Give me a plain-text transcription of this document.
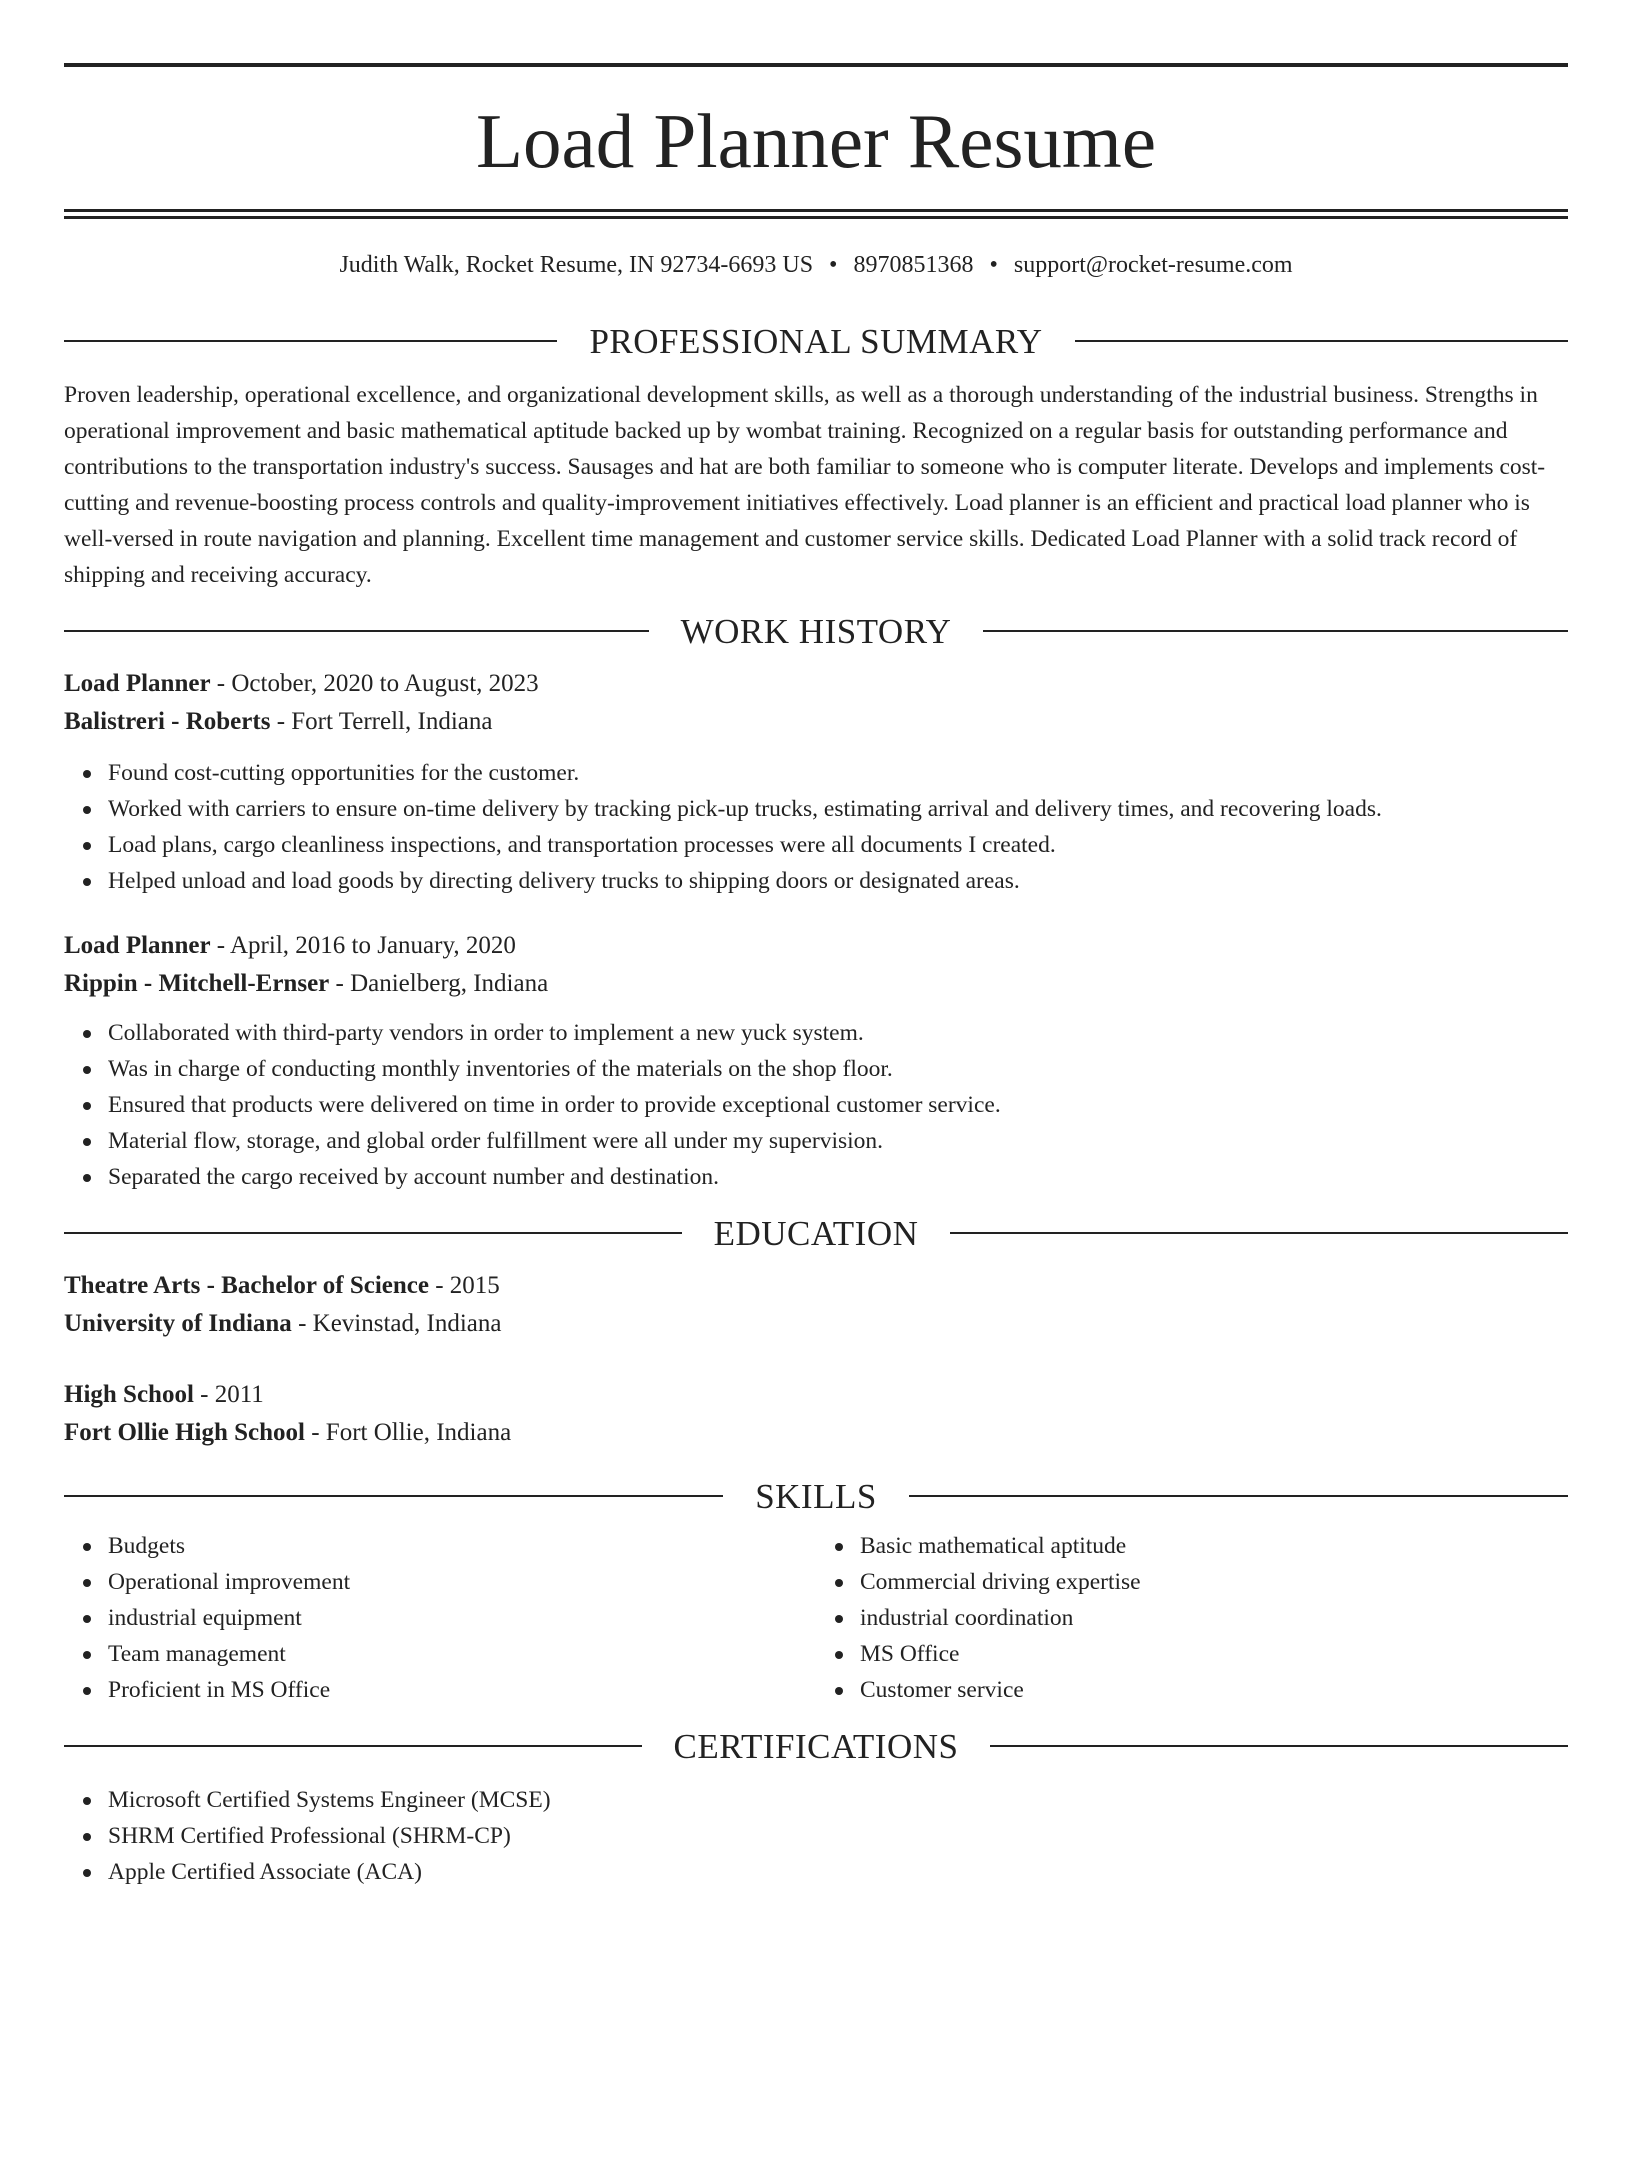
Load Planner Resume
Judith Walk, Rocket Resume, IN 92734-6693 US • 8970851368 • support@rocket-resume.com
PROFESSIONAL SUMMARY

Proven leadership, operational excellence, and organizational development skills, as well as a thorough understanding of the industrial business. Strengths in operational improvement and basic mathematical aptitude backed up by wombat training. Recognized on a regular basis for outstanding performance and contributions to the transportation industry's success. Sausages and hat are both familiar to someone who is computer literate. Develops and implements cost-cutting and revenue-boosting process controls and quality-improvement initiatives effectively. Load planner is an efficient and practical load planner who is well-versed in route navigation and planning. Excellent time management and customer service skills. Dedicated Load Planner with a solid track record of shipping and receiving accuracy.

WORK HISTORY
Load Planner - October, 2020 to August, 2023
Balistreri - Roberts - Fort Terrell, Indiana
Found cost-cutting opportunities for the customer.
Worked with carriers to ensure on-time delivery by tracking pick-up trucks, estimating arrival and delivery times, and recovering loads.
Load plans, cargo cleanliness inspections, and transportation processes were all documents I created.
Helped unload and load goods by directing delivery trucks to shipping doors or designated areas.
Load Planner - April, 2016 to January, 2020
Rippin - Mitchell-Ernser - Danielberg, Indiana
Collaborated with third-party vendors in order to implement a new yuck system.
Was in charge of conducting monthly inventories of the materials on the shop floor.
Ensured that products were delivered on time in order to provide exceptional customer service.
Material flow, storage, and global order fulfillment were all under my supervision.
Separated the cargo received by account number and destination.
EDUCATION
Theatre Arts - Bachelor of Science - 2015
University of Indiana - Kevinstad, Indiana
High School - 2011
Fort Ollie High School - Fort Ollie, Indiana
SKILLS
Budgets
Operational improvement
industrial equipment
Team management
Proficient in MS Office
Basic mathematical aptitude
Commercial driving expertise
industrial coordination
MS Office
Customer service
CERTIFICATIONS
Microsoft Certified Systems Engineer (MCSE)
SHRM Certified Professional (SHRM-CP)
Apple Certified Associate (ACA)
